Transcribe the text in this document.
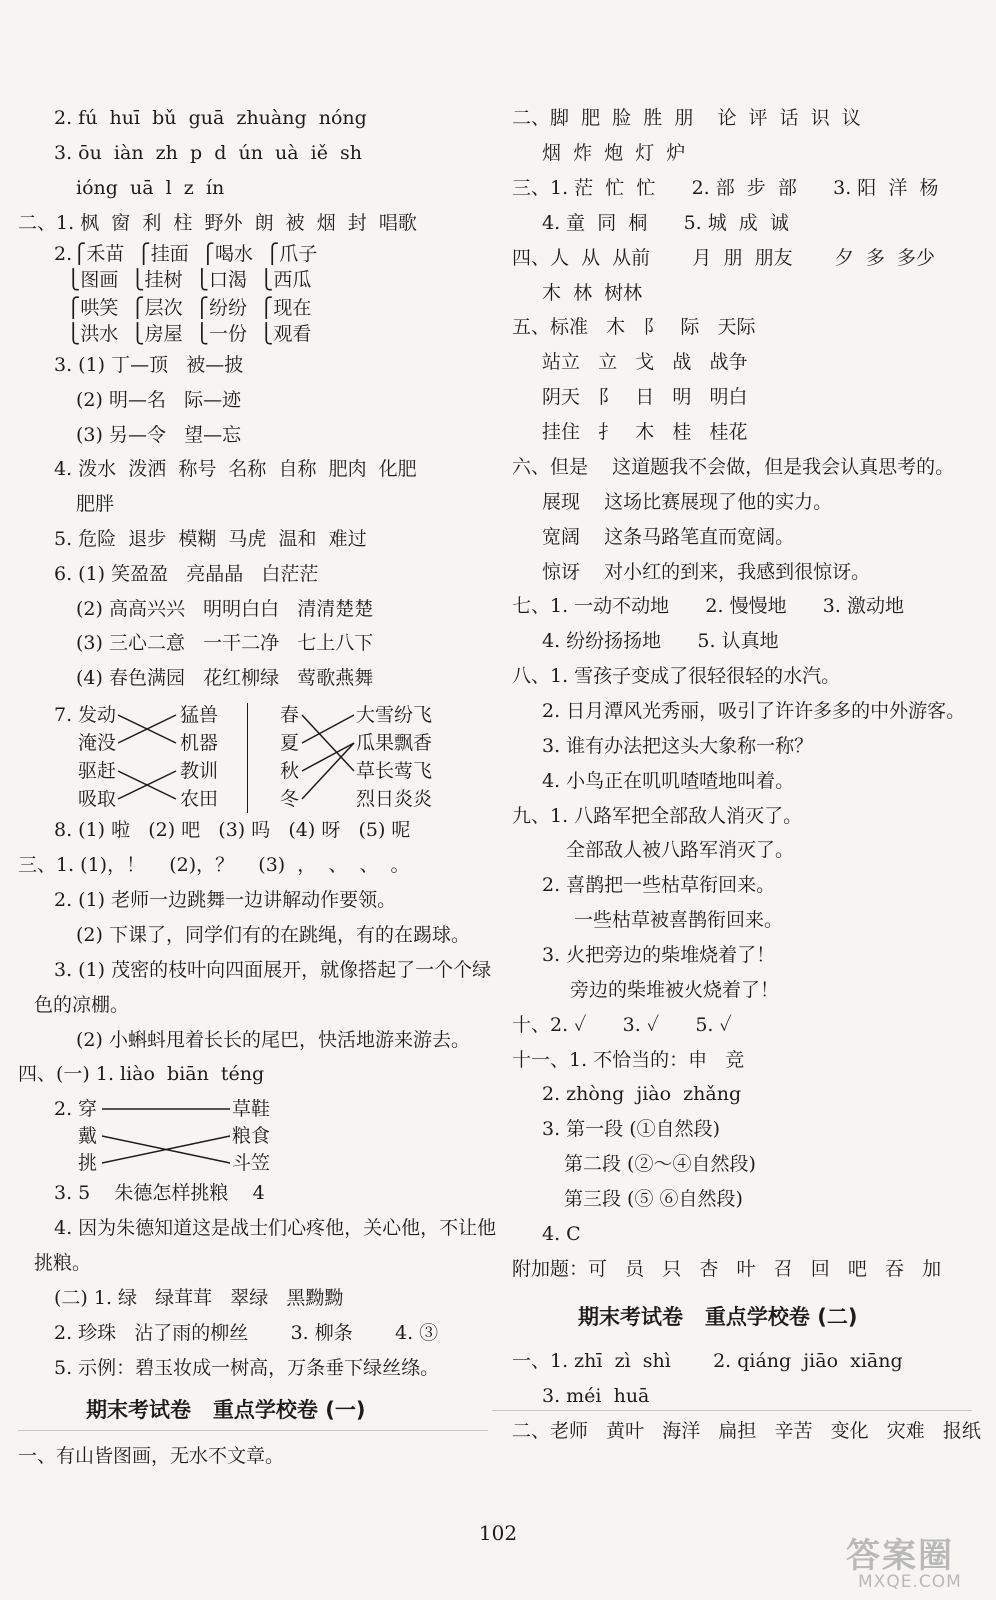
2. fú  huī  bǔ  guā  zhuàng  nóng
3. ōu  iàn  zh  p  d  ún  uà  iě  sh
ióng  uā  l  z  ín
二、1. 枫  窗  利  柱  野外  朗  被  烟  封  唱歌
2.⎧禾苗  ⎧挂面  ⎧喝水  ⎧爪子
⎩图画  ⎩挂树  ⎩口渴  ⎩西瓜
⎧哄笑  ⎧层次  ⎧纷纷  ⎧现在
⎩洪水  ⎩房屋  ⎩一份  ⎩观看
3. (1) 丁—顶   被—披
(2) 明—名   际—迹
(3) 另—令   望—忘
4. 泼水  泼洒  称号  名称  自称  肥肉  化肥
肥胖
5. 危险  退步  模糊  马虎  温和  难过
6. (1) 笑盈盈   亮晶晶   白茫茫
(2) 高高兴兴   明明白白   清清楚楚
(3) 三心二意   一干二净   七上八下
(4) 春色满园   花红柳绿   莺歌燕舞
7. 发动
淹没
驱赶
吸取
猛兽
机器
教训
农田
春
夏
秋
冬
大雪纷飞
瓜果飘香
草长莺飞
烈日炎炎
8. (1) 啦   (2) 吧   (3) 吗   (4) 呀   (5) 呢
三、1. (1)，！    (2)，？    (3)  ，  、  、  。
2. (1) 老师一边跳舞一边讲解动作要领。
(2) 下课了，同学们有的在跳绳，有的在踢球。
3. (1) 茂密的枝叶向四面展开，就像搭起了一个个绿
色的凉棚。
(2) 小蝌蚪甩着长长的尾巴，快活地游来游去。
四、(一) 1. liào  biān  téng
2. 穿
戴
挑
草鞋
粮食
斗笠
3. 5    朱德怎样挑粮    4
4. 因为朱德知道这是战士们心疼他，关心他，不让他
挑粮。
(二) 1. 绿   绿茸茸   翠绿   黑黝黝
2. 珍珠   沾了雨的柳丝       3. 柳条       4. ③
5. 示例：碧玉妆成一树高，万条垂下绿丝绦。
期末考试卷   重点学校卷 (一)
一、有山皆图画，无水不文章。
二、脚  肥  脸  胜  朋    论  评  话  识  议
烟  炸  炮  灯  炉
三、1. 茫  忙  忙      2. 部  步  部      3. 阳  洋  杨
4. 童  同  桐      5. 城  成  诚
四、人  从  从前       月  朋  朋友       夕  多  多少
木  林  树林
五、标准   木   阝   际   天际
站立   立   戈   战   战争
阴天   阝   日   明   明白
挂住   扌   木   桂   桂花
六、但是    这道题我不会做，但是我会认真思考的。
展现    这场比赛展现了他的实力。
宽阔    这条马路笔直而宽阔。
惊讶    对小红的到来，我感到很惊讶。
七、1. 一动不动地      2. 慢慢地      3. 激动地
4. 纷纷扬扬地      5. 认真地
八、1. 雪孩子变成了很轻很轻的水汽。
2. 日月潭风光秀丽，吸引了许许多多的中外游客。
3. 谁有办法把这头大象称一称？
4. 小鸟正在叽叽喳喳地叫着。
九、1. 八路军把全部敌人消灭了。
全部敌人被八路军消灭了。
2. 喜鹊把一些枯草衔回来。
一些枯草被喜鹊衔回来。
3. 火把旁边的柴堆烧着了！
旁边的柴堆被火烧着了！
十、2. ✓      3. ✓      5. ✓
十一、1. 不恰当的：申   竞
2. zhòng  jiào  zhǎng
3. 第一段 (①自然段)
第二段 (②～④自然段)
第三段 (⑤ ⑥自然段)
4. C
附加题：可   员   只   杏   叶   召   回   吧   吞   加
期末考试卷   重点学校卷 (二)
一、1. zhī  zì  shì       2. qiáng  jiāo  xiāng
3. méi  huā
二、老师   黄叶   海洋   扁担   辛苦   变化   灾难   报纸
102
答案圈
MXQE.COM
